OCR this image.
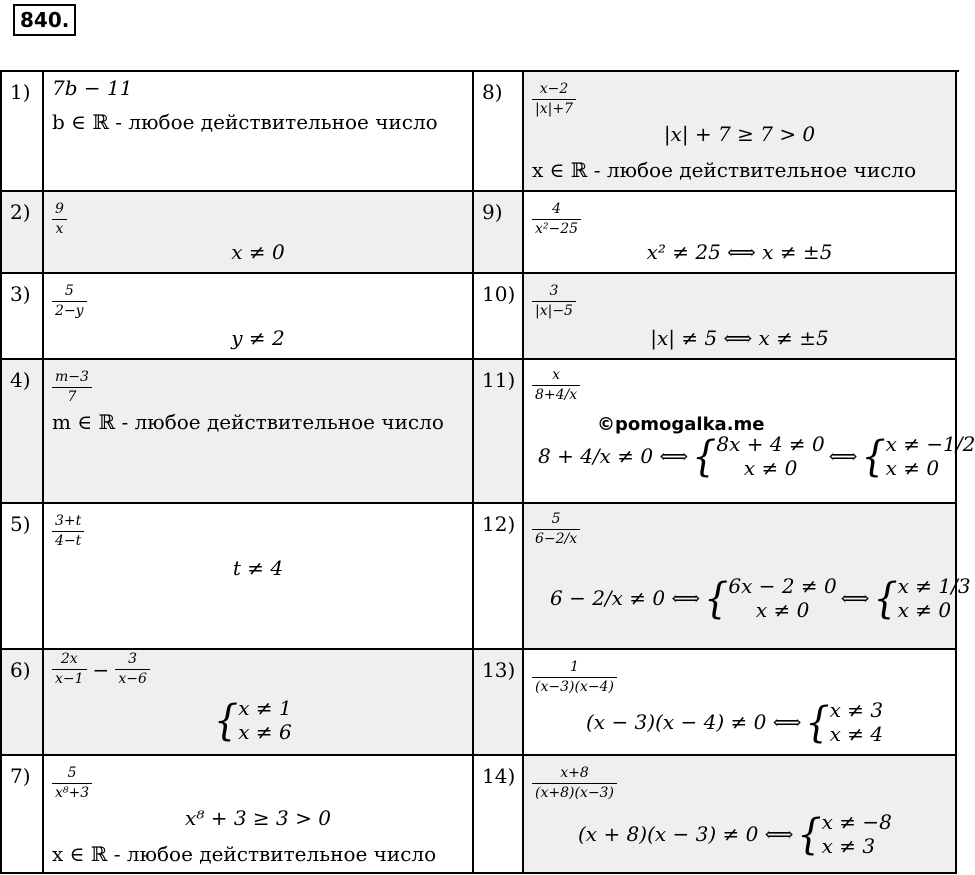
840.
1)	7b − 11
b ∈ ℝ - любое действительное число
8)	$\frac{x-2}{|x|+7}$
|x| + 7 ≥ 7 > 0
x ∈ ℝ - любое действительное число
2)	$\frac{9}{x}$
x ≠ 0
9)	$\frac{4}{\text{x²−25}}$
x² ≠ 25 ⟺ x ≠ ±5
3)	$\frac{5}{2-y}$
y ≠ 2
10)	$\frac{3}{|x|-5}$
|x| ≠ 5 ⟺ x ≠ ±5
4)	$\frac{m-3}{7}$
m ∈ ℝ - любое действительное число
11)	$\frac{x}{8+4/x}$
8 + 4/x ≠ 0 ⟺ { 8x + 4 ≠ 0
x ≠ 0	⟺ { x ≠ −1/2
x ≠ 0
5)	$\frac{3+t}{4-t}$
t ≠ 4
12)	$\frac{5}{6-2/x}$
6 − 2/x ≠ 0 ⟺ { 6x − 2 ≠ 0
x ≠ 0	⟺ { x ≠ 1/3
x ≠ 0
6)	$\frac{2x}{x-1} - \frac{3}{x-6}$
{ x ≠ 1
x ≠ 6
13)	$\frac{1}{(x-3)(x-4)}$
(x − 3)(x − 4) ≠ 0 ⟺ { x ≠ 3
x ≠ 4
7)	$\frac{5}{\text{x⁸+3}}$
x⁸ + 3 ≥ 3 > 0
x ∈ ℝ - любое действительное число
14)	$\frac{x+8}{(x+8)(x-3)}$
(x + 8)(x − 3) ≠ 0 ⟺ { x ≠ −8
x ≠ 3
©pomogalka.me
